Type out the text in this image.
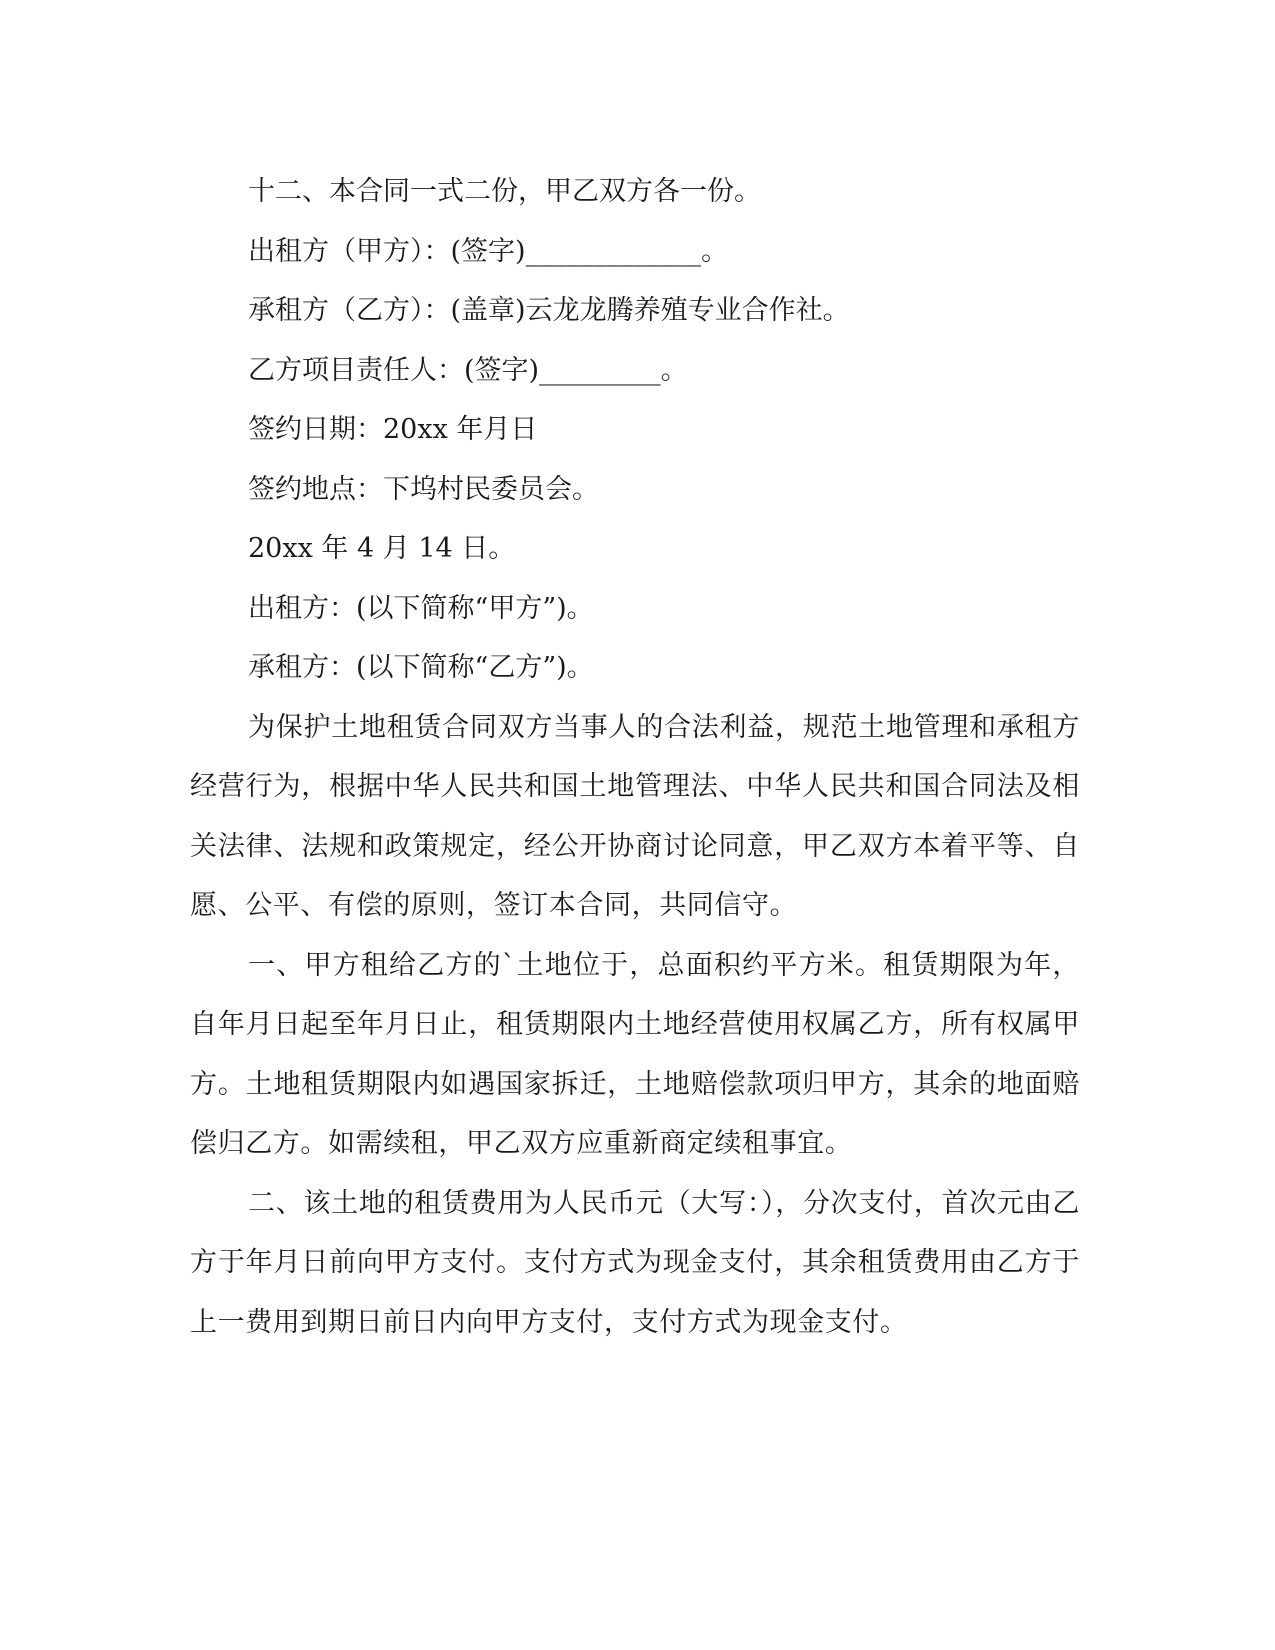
十二、本合同一式二份，甲乙双方各一份。
出租方（甲方）：(签字)_____________。
承租方（乙方）：(盖章)云龙龙腾养殖专业合作社。
乙方项目责任人：(签字)_________。
签约日期：20xx 年月日
签约地点：下坞村民委员会。
20xx 年 4 月 14 日。
出租方：(以下简称“甲方”)。
承租方：(以下简称“乙方”)。
为保护土地租赁合同双方当事人的合法利益，规范土地管理和承租方经营行为，根据中华人民共和国土地管理法、中华人民共和国合同法及相关法律、法规和政策规定，经公开协商讨论同意，甲乙双方本着平等、自愿、公平、有偿的原则，签订本合同，共同信守。
一、甲方租给乙方的`土地位于，总面积约平方米。租赁期限为年，自年月日起至年月日止，租赁期限内土地经营使用权属乙方，所有权属甲方。土地租赁期限内如遇国家拆迁，土地赔偿款项归甲方，其余的地面赔偿归乙方。如需续租，甲乙双方应重新商定续租事宜。
二、该土地的租赁费用为人民币元（大写：），分次支付，首次元由乙方于年月日前向甲方支付。支付方式为现金支付，其余租赁费用由乙方于上一费用到期日前日内向甲方支付，支付方式为现金支付。
